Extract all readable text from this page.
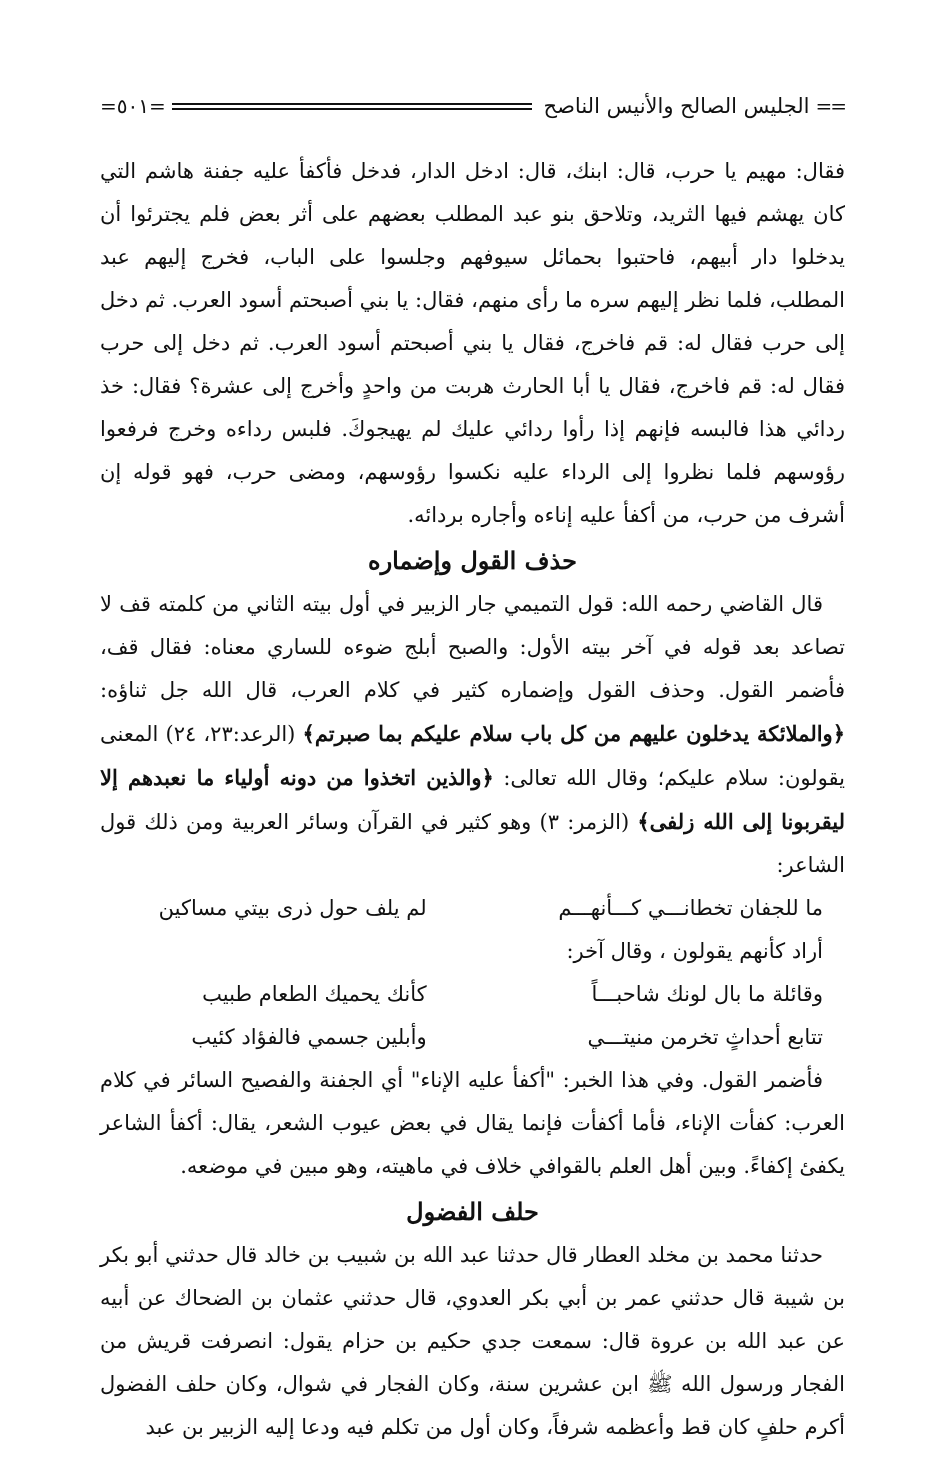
==
الجليس الصالح والأنيس الناصح
=٥٠١=

فقال: مهيم يا حرب، قال: ابنك، قال: ادخل الدار، فدخل فأكفأ عليه جفنة هاشم التي كان يهشم فيها الثريد، وتلاحق بنو عبد المطلب بعضهم على أثر بعض فلم يجترئوا أن يدخلوا دار أبيهم، فاحتبوا بحمائل سيوفهم وجلسوا على الباب، فخرج إليهم عبد المطلب، فلما نظر إليهم سره ما رأى منهم، فقال: يا بني أصبحتم أسود العرب. ثم دخل إلى حرب فقال له: قم فاخرج، فقال يا بني أصبحتم أسود العرب. ثم دخل إلى حرب فقال له: قم فاخرج، فقال يا أبا الحارث هربت من واحدٍ وأخرج إلى عشرة؟ فقال: خذ ردائي هذا فالبسه فإنهم إذا رأوا ردائي عليك لم يهيجوكَ. فلبس رداءه وخرج فرفعوا رؤوسهم فلما نظروا إلى الرداء عليه نكسوا رؤوسهم، ومضى حرب، فهو قوله إن أشرف من حرب، من أكفأ عليه إناءه وأجاره بردائه.

حذف القول وإضماره

قال القاضي رحمه الله: قول التميمي جار الزبير في أول بيته الثاني من كلمته قف لا تصاعد بعد قوله في آخر بيته الأول: والصبح أبلج ضوءه للساري معناه: فقال قف، فأضمر القول. وحذف القول وإضماره كثير في كلام العرب، قال الله جل ثناؤه: ﴿والملائكة يدخلون عليهم من كل باب سلام عليكم بما صبرتم﴾ (الرعد:٢٣، ٢٤) المعنى يقولون: سلام عليكم؛ وقال الله تعالى: ﴿والذين اتخذوا من دونه أولياء ما نعبدهم إلا ليقربونا إلى الله زلفى﴾ (الزمر: ٣) وهو كثير في القرآن وسائر العربية ومن ذلك قول الشاعر:

ما للجفان تخطانـــي كـــأنهـــم
لم يلف حول ذرى بيتي مساكين
أراد كأنهم يقولون ، وقال آخر:
وقائلة ما بال لونك شاحبـــاً
كأنك يحميك الطعام طبيب
تتابع أحداثٍ تخرمن منيتـــي
وأبلين جسمي فالفؤاد كئيب

فأضمر القول. وفي هذا الخبر: "أكفأ عليه الإناء" أي الجفنة والفصيح السائر في كلام العرب: كفأت الإناء، فأما أكفأت فإنما يقال في بعض عيوب الشعر، يقال: أكفأ الشاعر يكفئ إكفاءً. وبين أهل العلم بالقوافي خلاف في ماهيته، وهو مبين في موضعه.

حلف الفضول

حدثنا محمد بن مخلد العطار قال حدثنا عبد الله بن شبيب بن خالد قال حدثني أبو بكر بن شيبة قال حدثني عمر بن أبي بكر العدوي، قال حدثني عثمان بن الضحاك عن أبيه عن عبد الله بن عروة قال: سمعت جدي حكيم بن حزام يقول: انصرفت قريش من الفجار ورسول الله ﷺ ابن عشرين سنة، وكان الفجار في شوال، وكان حلف الفضول أكرم حلفٍ كان قط وأعظمه شرفاً، وكان أول من تكلم فيه ودعا إليه الزبير بن عبد
